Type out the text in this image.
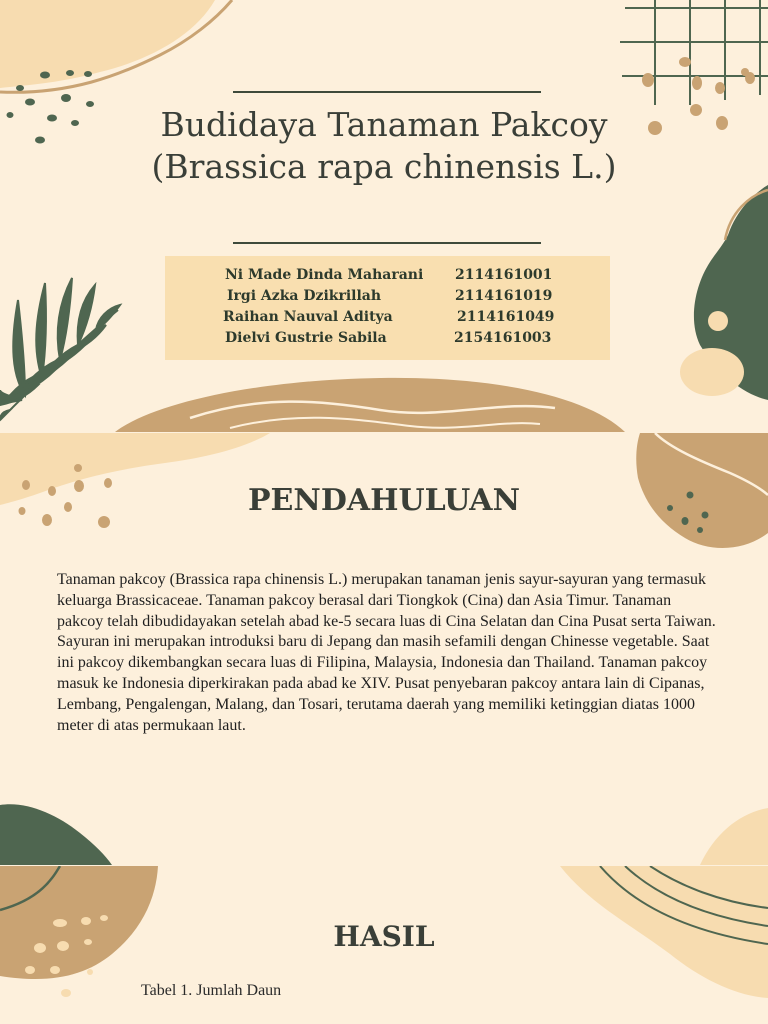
Budidaya Tanaman Pakcoy (Brassica rapa chinensis L.)
Ni Made Dinda Maharani 2114161001
Irgi Azka Dzikrillah	2114161019
Raihan Nauval Aditya	2114161049
Dielvi Gustrie Sabila	2154161003
PENDAHULUAN

Tanaman pakcoy (Brassica rapa chinensis L.) merupakan tanaman jenis sayur-sayuran yang termasuk keluarga Brassicaceae. Tanaman pakcoy berasal dari Tiongkok (Cina) dan Asia Timur. Tanaman pakcoy telah dibudidayakan setelah abad ke-5 secara luas di Cina Selatan dan Cina Pusat serta Taiwan. Sayuran ini merupakan introduksi baru di Jepang dan masih sefamili dengan Chinesse vegetable. Saat ini pakcoy dikembangkan secara luas di Filipina, Malaysia, Indonesia dan Thailand. Tanaman pakcoy masuk ke Indonesia diperkirakan pada abad ke XIV. Pusat penyebaran pakcoy antara lain di Cipanas, Lembang, Pengalengan, Malang, dan Tosari, terutama daerah yang memiliki ketinggian diatas 1000 meter di atas permukaan laut.

HASIL

Tabel 1. Jumlah Daun
